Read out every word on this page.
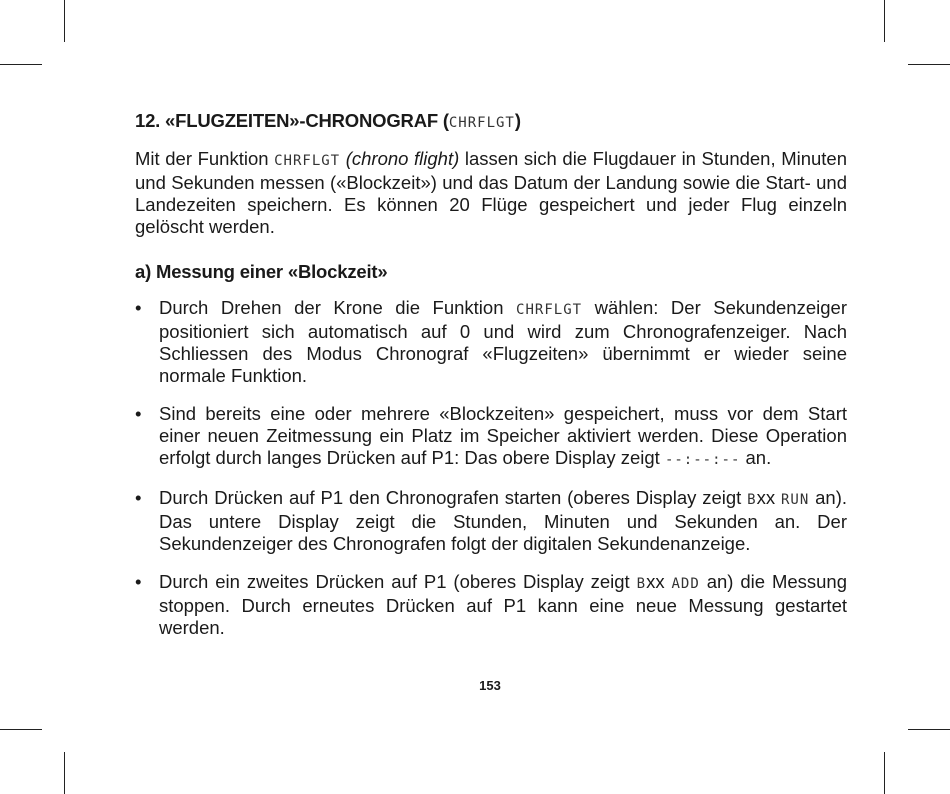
12. «FLUGZEITEN»-CHRONOGRAF (CHRFLGT)

Mit der Funktion CHRFLGT (chrono flight) lassen sich die Flugdauer in Stunden, Minuten und Sekunden messen («Blockzeit») und das Datum der Landung sowie die Start- und Landezeiten speichern. Es können 20 Flüge gespeichert und jeder Flug einzeln gelöscht werden.

a) Messung einer «Blockzeit»
• Durch Drehen der Krone die Funktion CHRFLGT wählen: Der Sekundenzeiger positioniert sich automatisch auf 0 und wird zum Chronografenzeiger. Nach Schliessen des Modus Chronograf «Flugzeiten» übernimmt er wieder seine normale Funktion.
• Sind bereits eine oder mehrere «Blockzeiten» gespeichert, muss vor dem Start einer neuen Zeitmessung ein Platz im Speicher aktiviert werden. Diese Operation erfolgt durch langes Drücken auf P1: Das obere Display zeigt --:--:-- an.
• Durch Drücken auf P1 den Chronografen starten (oberes Display zeigt Bxx RUN an). Das untere Display zeigt die Stunden, Minuten und Sekunden an. Der Sekundenzeiger des Chronografen folgt der digitalen Sekundenanzeige.
• Durch ein zweites Drücken auf P1 (oberes Display zeigt Bxx ADD an) die Messung stoppen. Durch erneutes Drücken auf P1 kann eine neue Messung gestartet werden.
153
